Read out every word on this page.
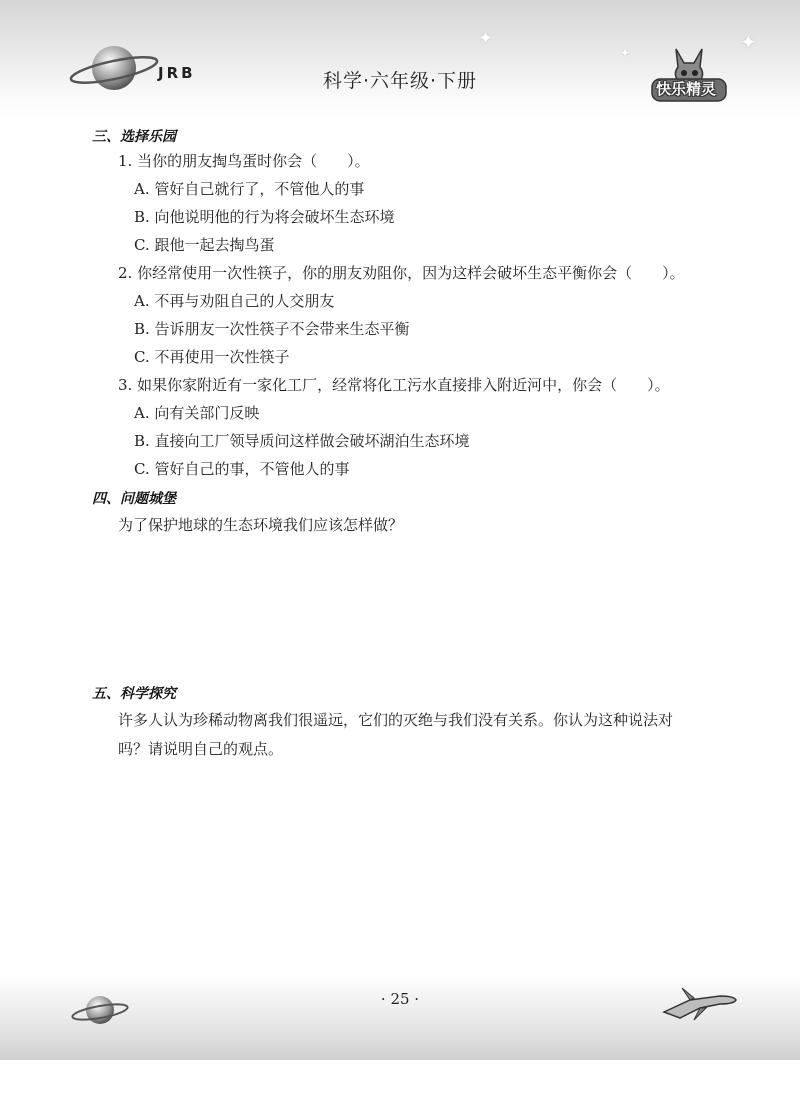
JRB	科学·六年级·下册
✦	✦
✦
快乐精灵
三、选择乐园
1. 当你的朋友掏鸟蛋时你会（　　）。
A. 管好自己就行了，不管他人的事
B. 向他说明他的行为将会破坏生态环境
C. 跟他一起去掏鸟蛋
2. 你经常使用一次性筷子，你的朋友劝阻你，因为这样会破坏生态平衡你会（　　）。
A. 不再与劝阻自己的人交朋友
B. 告诉朋友一次性筷子不会带来生态平衡
C. 不再使用一次性筷子
3. 如果你家附近有一家化工厂，经常将化工污水直接排入附近河中，你会（　　）。
A. 向有关部门反映
B. 直接向工厂领导质问这样做会破坏湖泊生态环境
C. 管好自己的事，不管他人的事
四、问题城堡
为了保护地球的生态环境我们应该怎样做？
五、科学探究
许多人认为珍稀动物离我们很遥远，它们的灭绝与我们没有关系。你认为这种说法对
吗？请说明自己的观点。
· 25 ·
